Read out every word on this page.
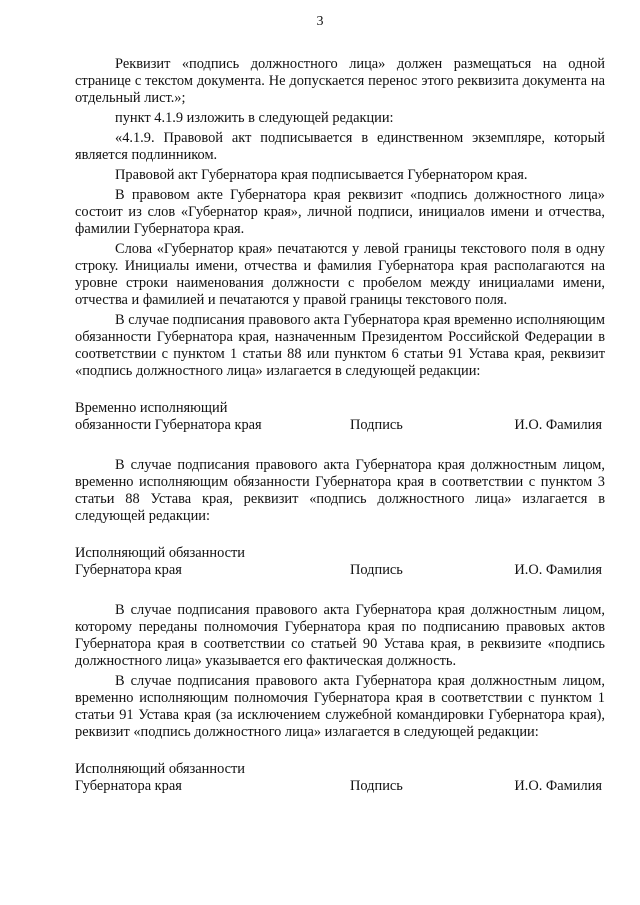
3

Реквизит «подпись должностного лица» должен размещаться на одной странице с текстом документа. Не допускается перенос этого реквизита документа на отдельный лист.»;

пункт 4.1.9 изложить в следующей редакции:

«4.1.9. Правовой акт подписывается в единственном экземпляре, который является подлинником.

Правовой акт Губернатора края подписывается Губернатором края.

В правовом акте Губернатора края реквизит «подпись должностного лица» состоит из слов «Губернатор края», личной подписи, инициалов имени и отчества, фамилии Губернатора края.

Слова «Губернатор края» печатаются у левой границы текстового поля в одну строку. Инициалы имени, отчества и фамилия Губернатора края располагаются на уровне строки наименования должности с пробелом между инициалами имени, отчества и фамилией и печатаются у правой границы текстового поля.

В случае подписания правового акта Губернатора края временно исполняющим обязанности Губернатора края, назначенным Президентом Российской Федерации в соответствии с пунктом 1 статьи 88 или пунктом 6 статьи 91 Устава края, реквизит «подпись должностного лица» излагается в следующей редакции:

Временно исполняющий
обязанности Губернатора края	Подпись	И.О. Фамилия

В случае подписания правового акта Губернатора края должностным лицом, временно исполняющим обязанности Губернатора края в соответствии с пунктом 3 статьи 88 Устава края, реквизит «подпись должностного лица» излагается в следующей редакции:

Исполняющий обязанности
Губернатора края	Подпись	И.О. Фамилия

В случае подписания правового акта Губернатора края должностным лицом, которому переданы полномочия Губернатора края по подписанию правовых актов Губернатора края в соответствии со статьей 90 Устава края, в реквизите «подпись должностного лица» указывается его фактическая должность.

В случае подписания правового акта Губернатора края должностным лицом, временно исполняющим полномочия Губернатора края в соответствии с пунктом 1 статьи 91 Устава края (за исключением служебной командировки Губернатора края), реквизит «подпись должностного лица» излагается в следующей редакции:

Исполняющий обязанности
Губернатора края	Подпись	И.О. Фамилия
